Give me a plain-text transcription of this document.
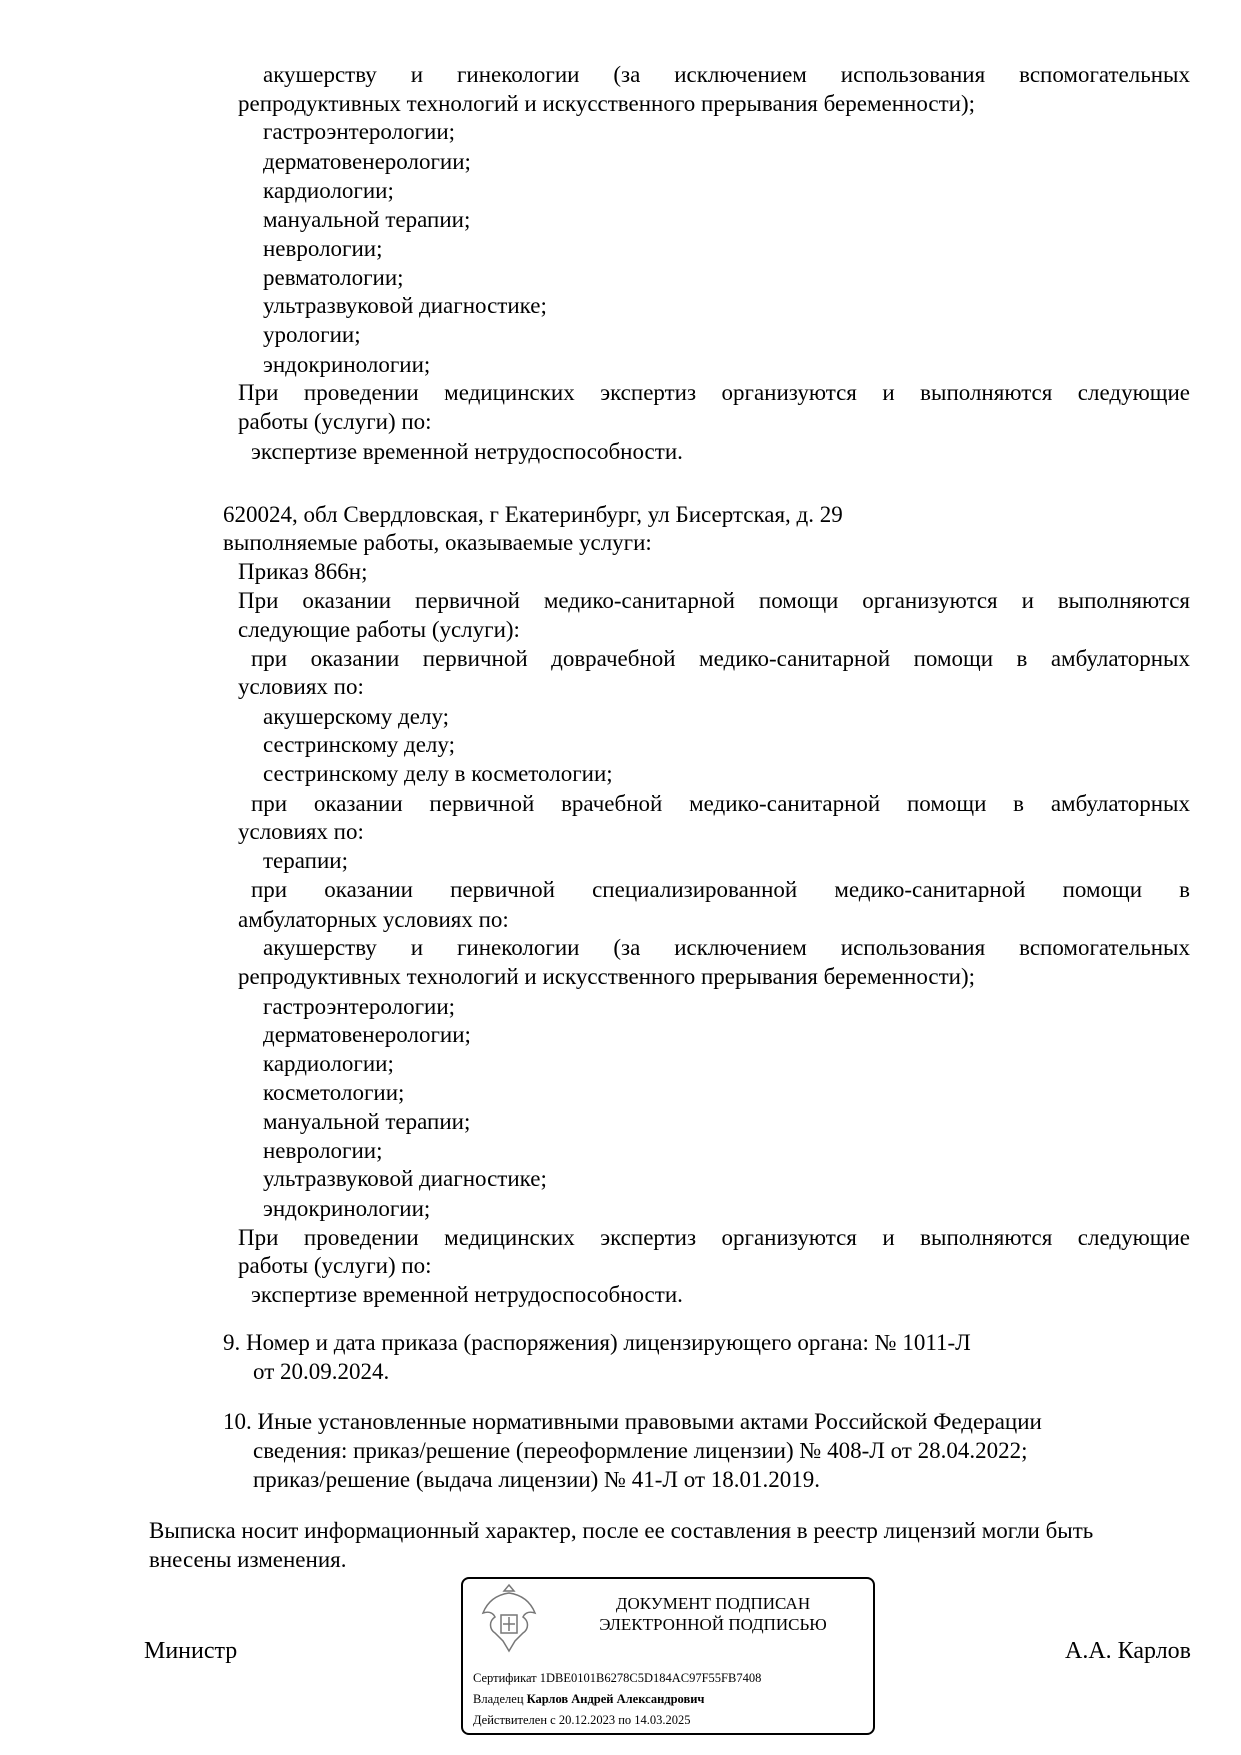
акушерству и гинекологии (за исключением использования вспомогательных
репродуктивных технологий и искусственного прерывания беременности);
гастроэнтерологии;
дерматовенерологии;
кардиологии;
мануальной терапии;
неврологии;
ревматологии;
ультразвуковой диагностике;
урологии;
эндокринологии;
При проведении медицинских экспертиз организуются и выполняются следующие
работы (услуги) по:
экспертизе временной нетрудоспособности.
620024, обл Свердловская, г Екатеринбург, ул Бисертская, д. 29
выполняемые работы, оказываемые услуги:
Приказ 866н;
При оказании первичной медико-санитарной помощи организуются и выполняются
следующие работы (услуги):
при оказании первичной доврачебной медико-санитарной помощи в амбулаторных
условиях по:
акушерскому делу;
сестринскому делу;
сестринскому делу в косметологии;
при оказании первичной врачебной медико-санитарной помощи в амбулаторных
условиях по:
терапии;
при оказании первичной специализированной медико-санитарной помощи в
амбулаторных условиях по:
акушерству и гинекологии (за исключением использования вспомогательных
репродуктивных технологий и искусственного прерывания беременности);
гастроэнтерологии;
дерматовенерологии;
кардиологии;
косметологии;
мануальной терапии;
неврологии;
ультразвуковой диагностике;
эндокринологии;
При проведении медицинских экспертиз организуются и выполняются следующие
работы (услуги) по:
экспертизе временной нетрудоспособности.
9. Номер и дата приказа (распоряжения) лицензирующего органа: № 1011-Л
от 20.09.2024.
10. Иные установленные нормативными правовыми актами Российской Федерации
сведения: приказ/решение (переоформление лицензии) № 408-Л от 28.04.2022;
приказ/решение (выдача лицензии) № 41-Л от 18.01.2019.
Выписка носит информационный характер, после ее составления в реестр лицензий могли быть
внесены изменения.
Министр	А.А. Карлов
ДОКУМЕНТ ПОДПИСАН
ЭЛЕКТРОННОЙ ПОДПИСЬЮ
Сертификат 1DBE0101B6278C5D184AC97F55FB7408
Владелец Карлов Андрей Александрович
Действителен с 20.12.2023 по 14.03.2025
